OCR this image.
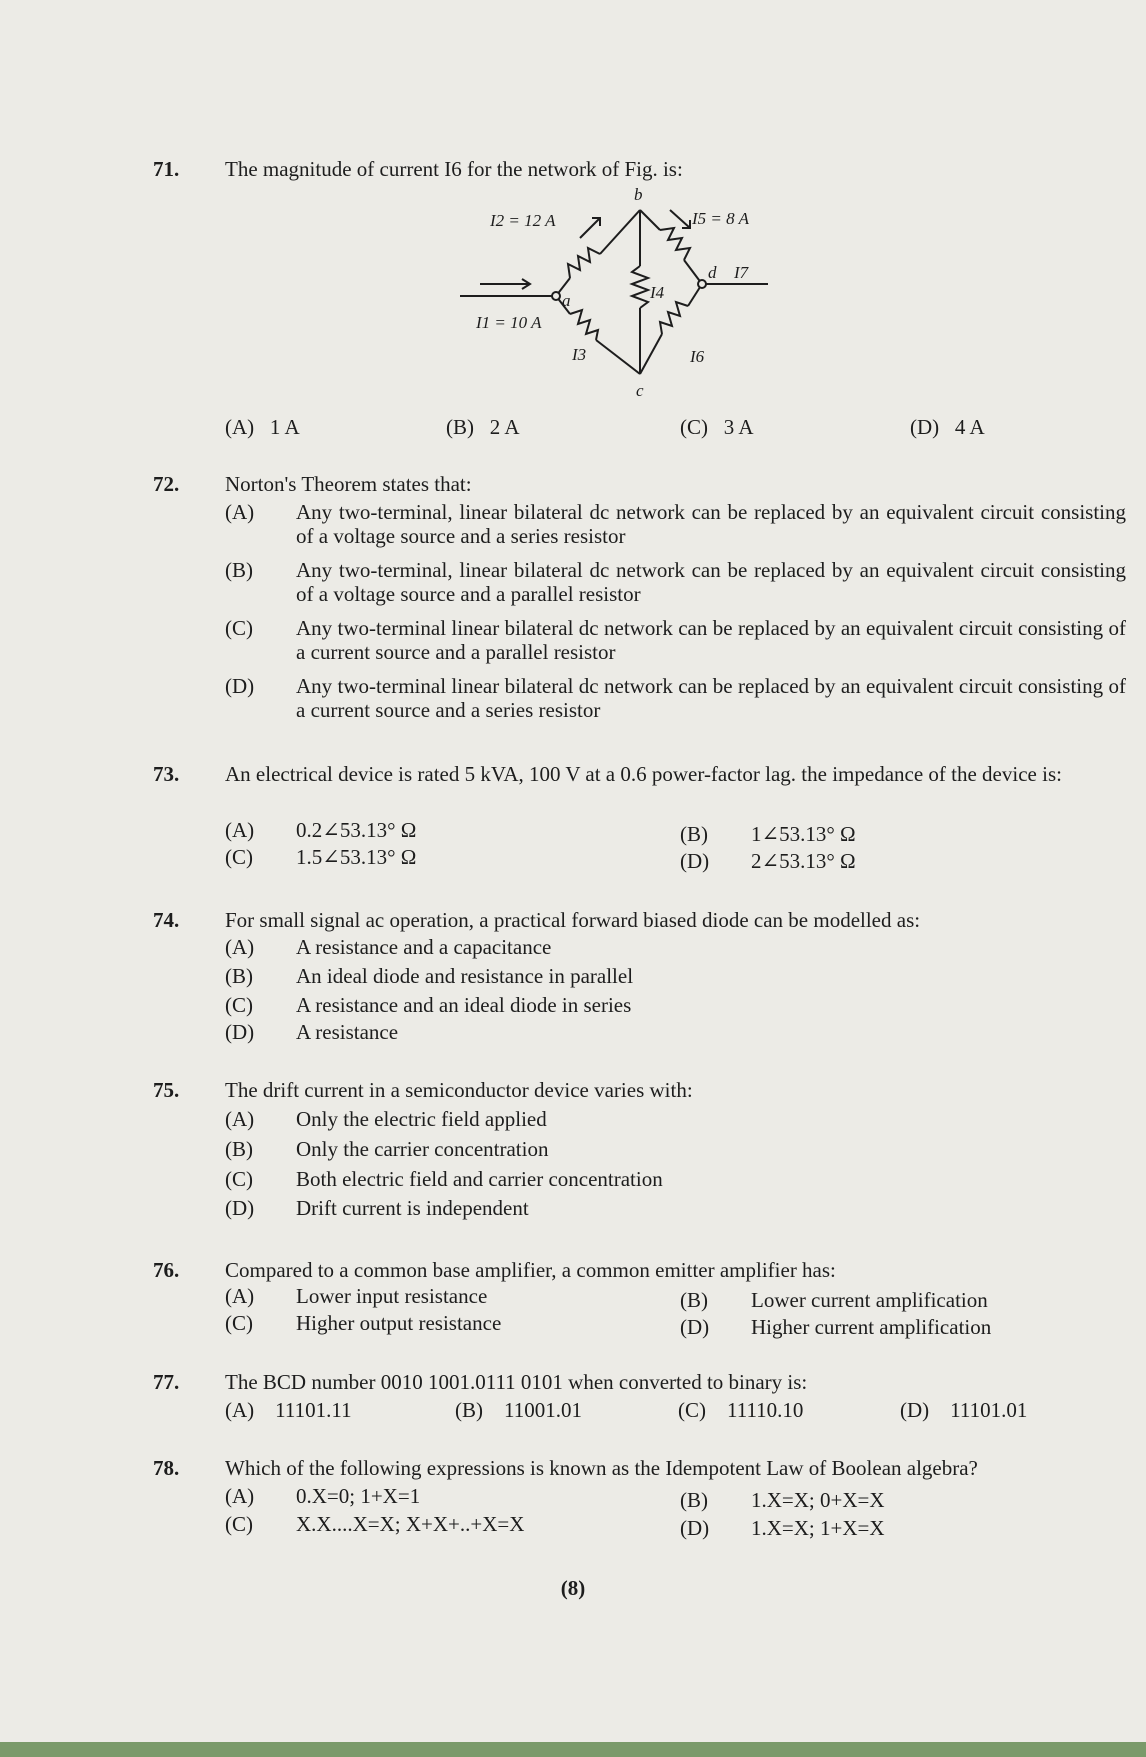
71. The magnitude of current I6 for the network of Fig. is:
I2 = 12 A
I1 = 10 A
I5 = 8 A
I7
I3
I4
I6
a
b
c
d
(A) 1 A	(B) 2 A	(C) 3 A	(D) 4 A
72. Norton's Theorem states that:
(A) Any two-terminal, linear bilateral dc network can be replaced by an equivalent circuit consisting of a voltage source and a series resistor
(B) Any two-terminal, linear bilateral dc network can be replaced by an equivalent circuit consisting of a voltage source and a parallel resistor
(C) Any two-terminal linear bilateral dc network can be replaced by an equivalent circuit consisting of a current source and a parallel resistor
(D) Any two-terminal linear bilateral dc network can be replaced by an equivalent circuit consisting of a current source and a series resistor
73. An electrical device is rated 5 kVA, 100 V at a 0.6 power-factor lag. the impedance of the device is:
(A) 0.2∠53.13° Ω	(B) 1∠53.13° Ω
(C) 1.5∠53.13° Ω	(D) 2∠53.13° Ω
74. For small signal ac operation, a practical forward biased diode can be modelled as:
(A) A resistance and a capacitance
(B) An ideal diode and resistance in parallel
(C) A resistance and an ideal diode in series
(D) A resistance
75. The drift current in a semiconductor device varies with:
(A) Only the electric field applied
(B) Only the carrier concentration
(C) Both electric field and carrier concentration
(D) Drift current is independent
76. Compared to a common base amplifier, a common emitter amplifier has:
(A) Lower input resistance	(B) Lower current amplification
(C) Higher output resistance	(D) Higher current amplification
77. The BCD number 0010 1001.0111 0101 when converted to binary is:
(A) 11101.11	(B) 11001.01	(C) 11110.10	(D) 11101.01
78. Which of the following expressions is known as the Idempotent Law of Boolean algebra?
(A) 0.X=0; 1+X=1	(B) 1.X=X; 0+X=X
(C) X.X....X=X; X+X+..+X=X	(D) 1.X=X; 1+X=X
(8)
